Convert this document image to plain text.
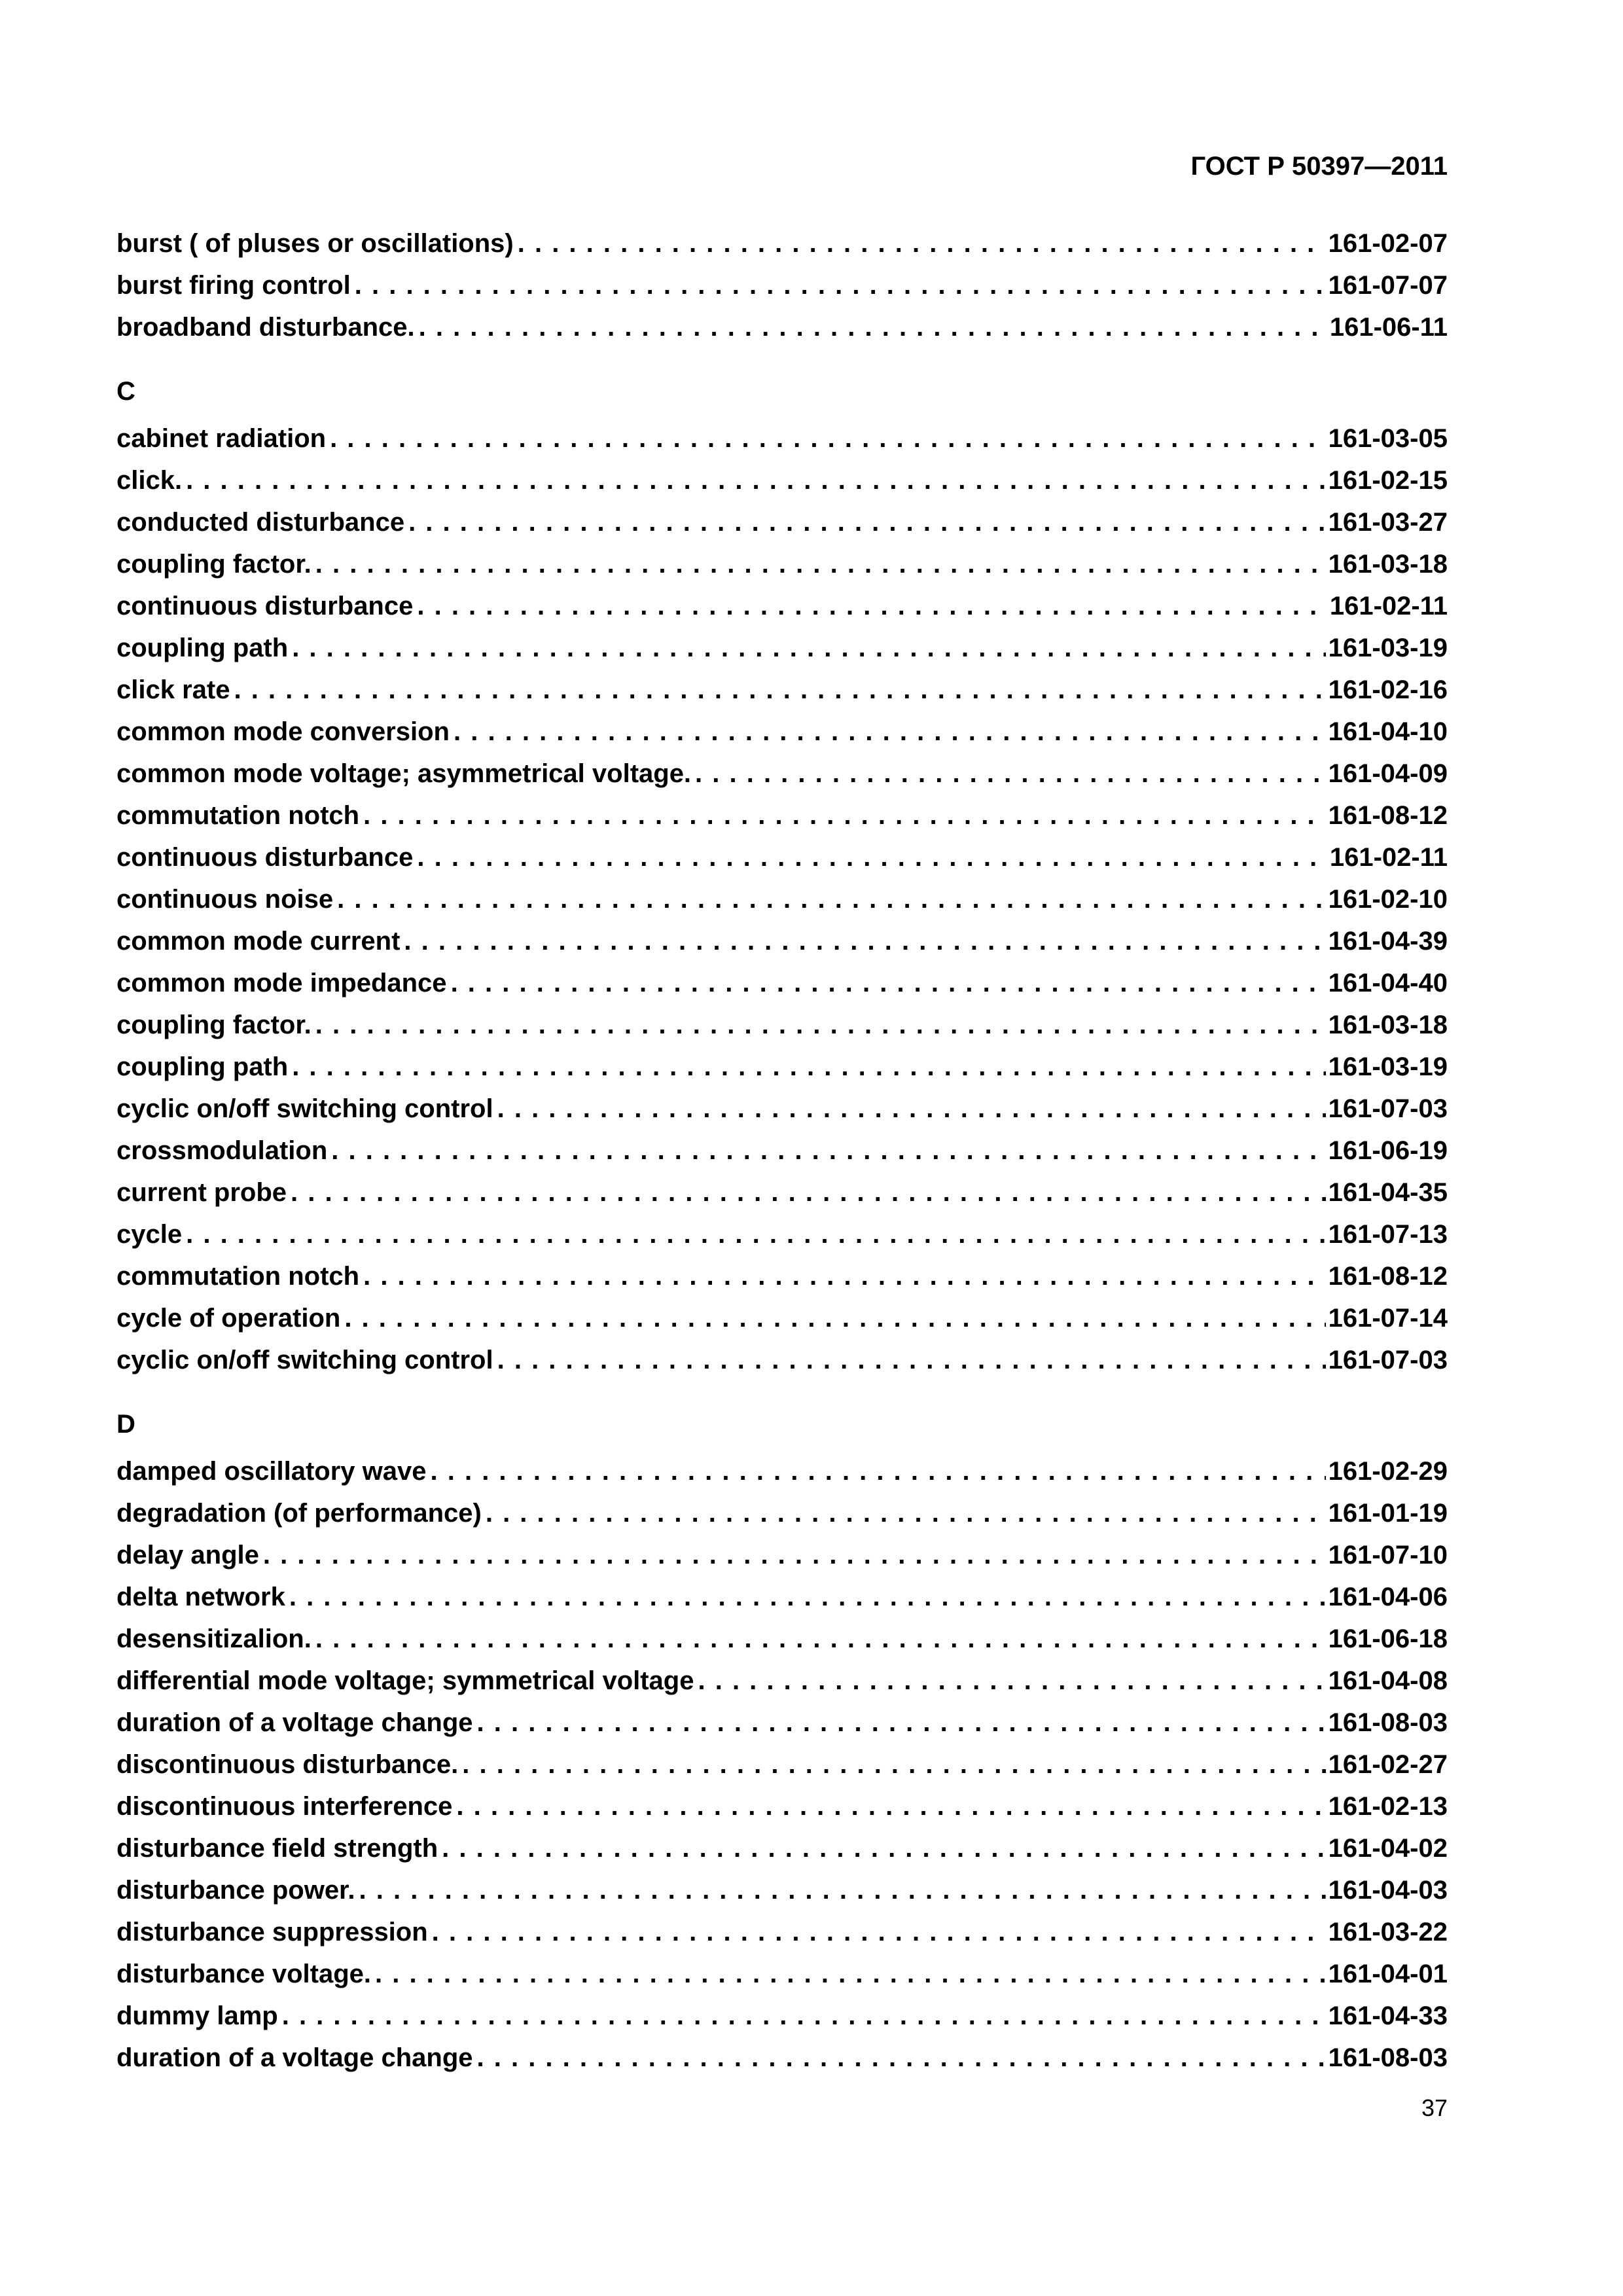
ГОСТ Р 50397—2011
burst ( of pluses or oscillations) . . .	161-02-07
burst firing control . . .	161-07-07
broadband disturbance. . . .	161-06-11
C
cabinet radiation . . .	161-03-05
click. . . .	161-02-15
conducted disturbance . . .	161-03-27
coupling factor. . . .	161-03-18
continuous disturbance . . .	161-02-11
coupling path . . .	161-03-19
click rate . . .	161-02-16
common mode conversion . . .	161-04-10
common mode voltage; asymmetrical voltage. . . .	161-04-09
commutation notch . . .	161-08-12
continuous disturbance . . .	161-02-11
continuous noise . . .	161-02-10
common mode current . . .	161-04-39
common mode impedance . . .	161-04-40
coupling factor. . . .	161-03-18
coupling path . . .	161-03-19
cyclic on/off switching control . . .	161-07-03
crossmodulation . . .	161-06-19
current probe . . .	161-04-35
cycle . . .	161-07-13
commutation notch . . .	161-08-12
cycle of operation . . .	161-07-14
cyclic on/off switching control . . .	161-07-03
D
damped oscillatory wave . . .	161-02-29
degradation (of performance) . . .	161-01-19
delay angle . . .	161-07-10
delta network . . .	161-04-06
desensitizalion. . . .	161-06-18
differential mode voltage; symmetrical voltage . . .	161-04-08
duration of a voltage change . . .	161-08-03
discontinuous disturbance. . . .	161-02-27
discontinuous interference . . .	161-02-13
disturbance field strength . . .	161-04-02
disturbance power. . . .	161-04-03
disturbance suppression . . .	161-03-22
disturbance voltage. . . .	161-04-01
dummy lamp . . .	161-04-33
duration of a voltage change . . .	161-08-03
37
